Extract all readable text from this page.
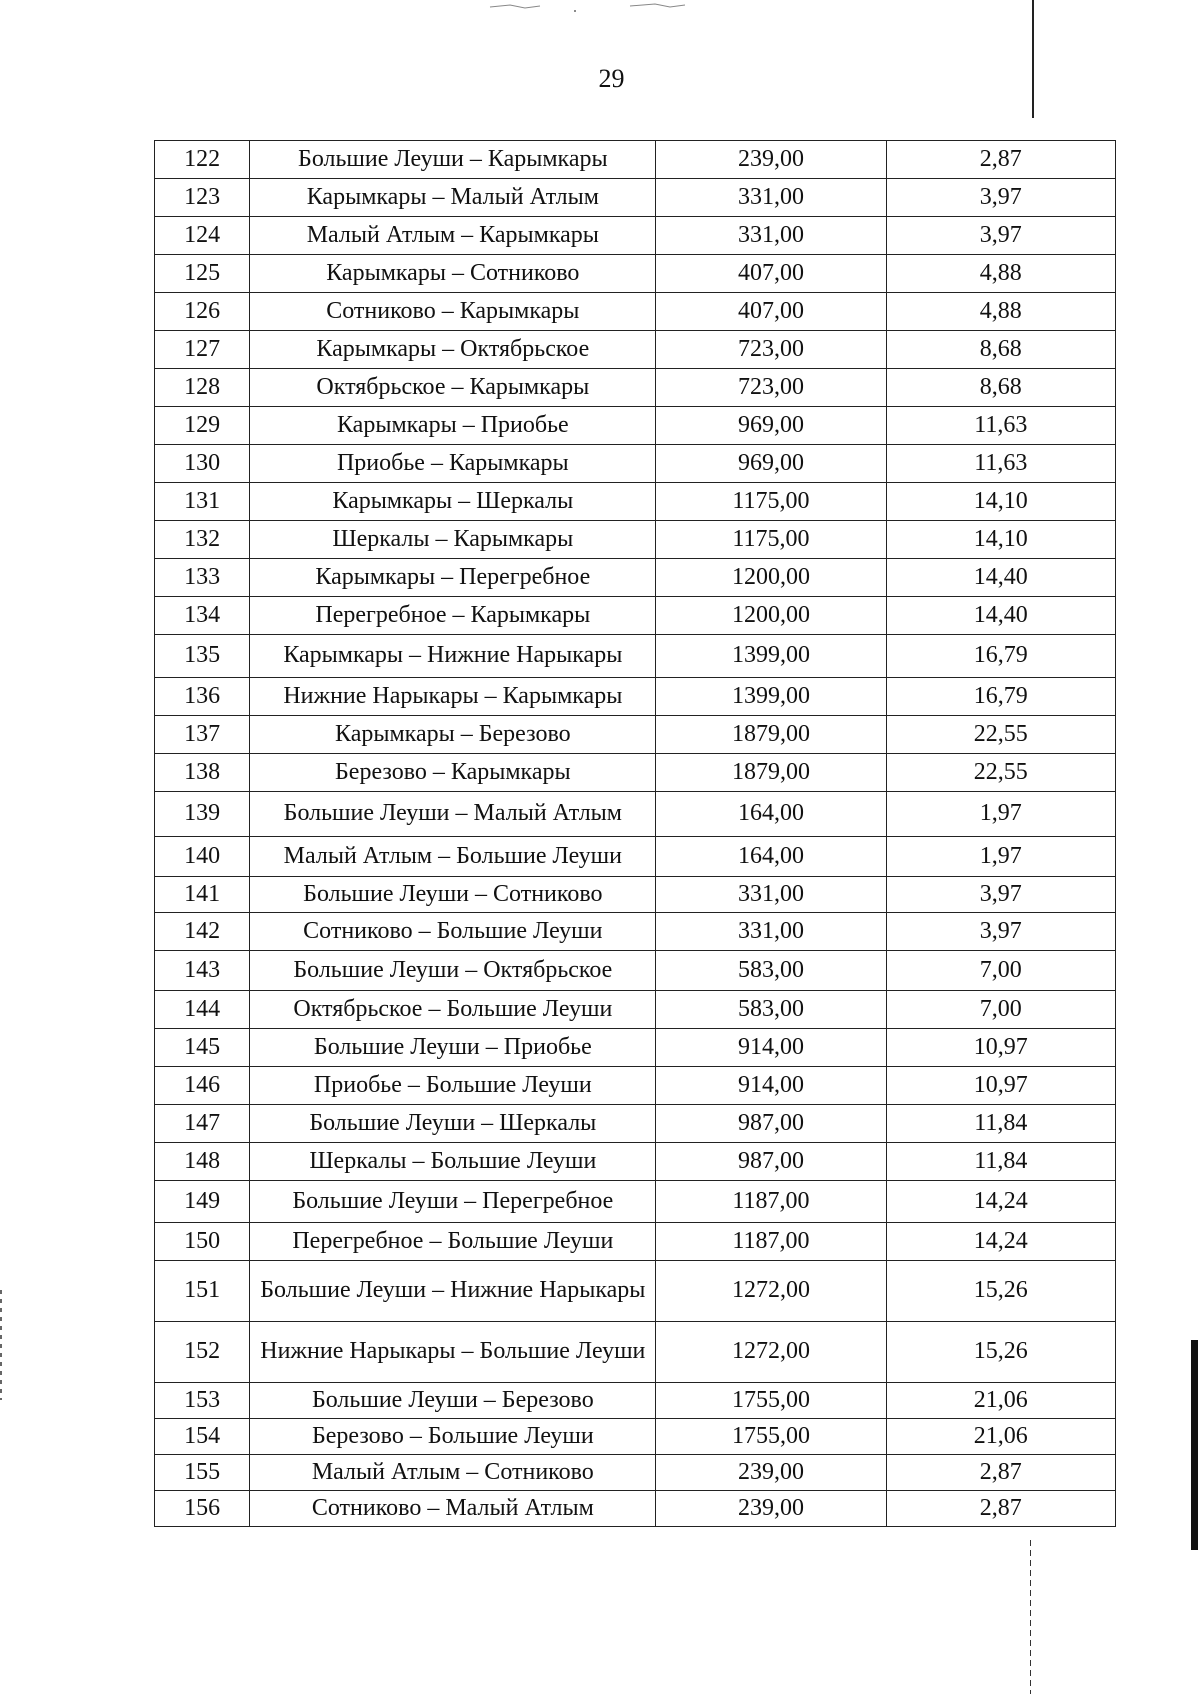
29
122	Большие Леуши – Карымкары	239,00	2,87
123	Карымкары – Малый Атлым	331,00	3,97
124	Малый Атлым – Карымкары	331,00	3,97
125	Карымкары – Сотниково	407,00	4,88
126	Сотниково – Карымкары	407,00	4,88
127	Карымкары – Октябрьское	723,00	8,68
128	Октябрьское – Карымкары	723,00	8,68
129	Карымкары – Приобье	969,00	11,63
130	Приобье – Карымкары	969,00	11,63
131	Карымкары – Шеркалы	1175,00	14,10
132	Шеркалы – Карымкары	1175,00	14,10
133	Карымкары – Перегребное	1200,00	14,40
134	Перегребное – Карымкары	1200,00	14,40
135	Карымкары – Нижние Нарыкары	1399,00	16,79
136	Нижние Нарыкары – Карымкары	1399,00	16,79
137	Карымкары – Березово	1879,00	22,55
138	Березово – Карымкары	1879,00	22,55
139	Большие Леуши – Малый Атлым	164,00	1,97
140	Малый Атлым – Большие Леуши	164,00	1,97
141	Большие Леуши – Сотниково	331,00	3,97
142	Сотниково – Большие Леуши	331,00	3,97
143	Большие Леуши – Октябрьское	583,00	7,00
144	Октябрьское – Большие Леуши	583,00	7,00
145	Большие Леуши – Приобье	914,00	10,97
146	Приобье – Большие Леуши	914,00	10,97
147	Большие Леуши – Шеркалы	987,00	11,84
148	Шеркалы – Большие Леуши	987,00	11,84
149	Большие Леуши – Перегребное	1187,00	14,24
150	Перегребное – Большие Леуши	1187,00	14,24
151	Большие Леуши – Нижние Нарыкары	1272,00	15,26
152	Нижние Нарыкары – Большие Леуши	1272,00	15,26
153	Большие Леуши – Березово	1755,00	21,06
154	Березово – Большие Леуши	1755,00	21,06
155	Малый Атлым – Сотниково	239,00	2,87
156	Сотниково – Малый Атлым	239,00	2,87
